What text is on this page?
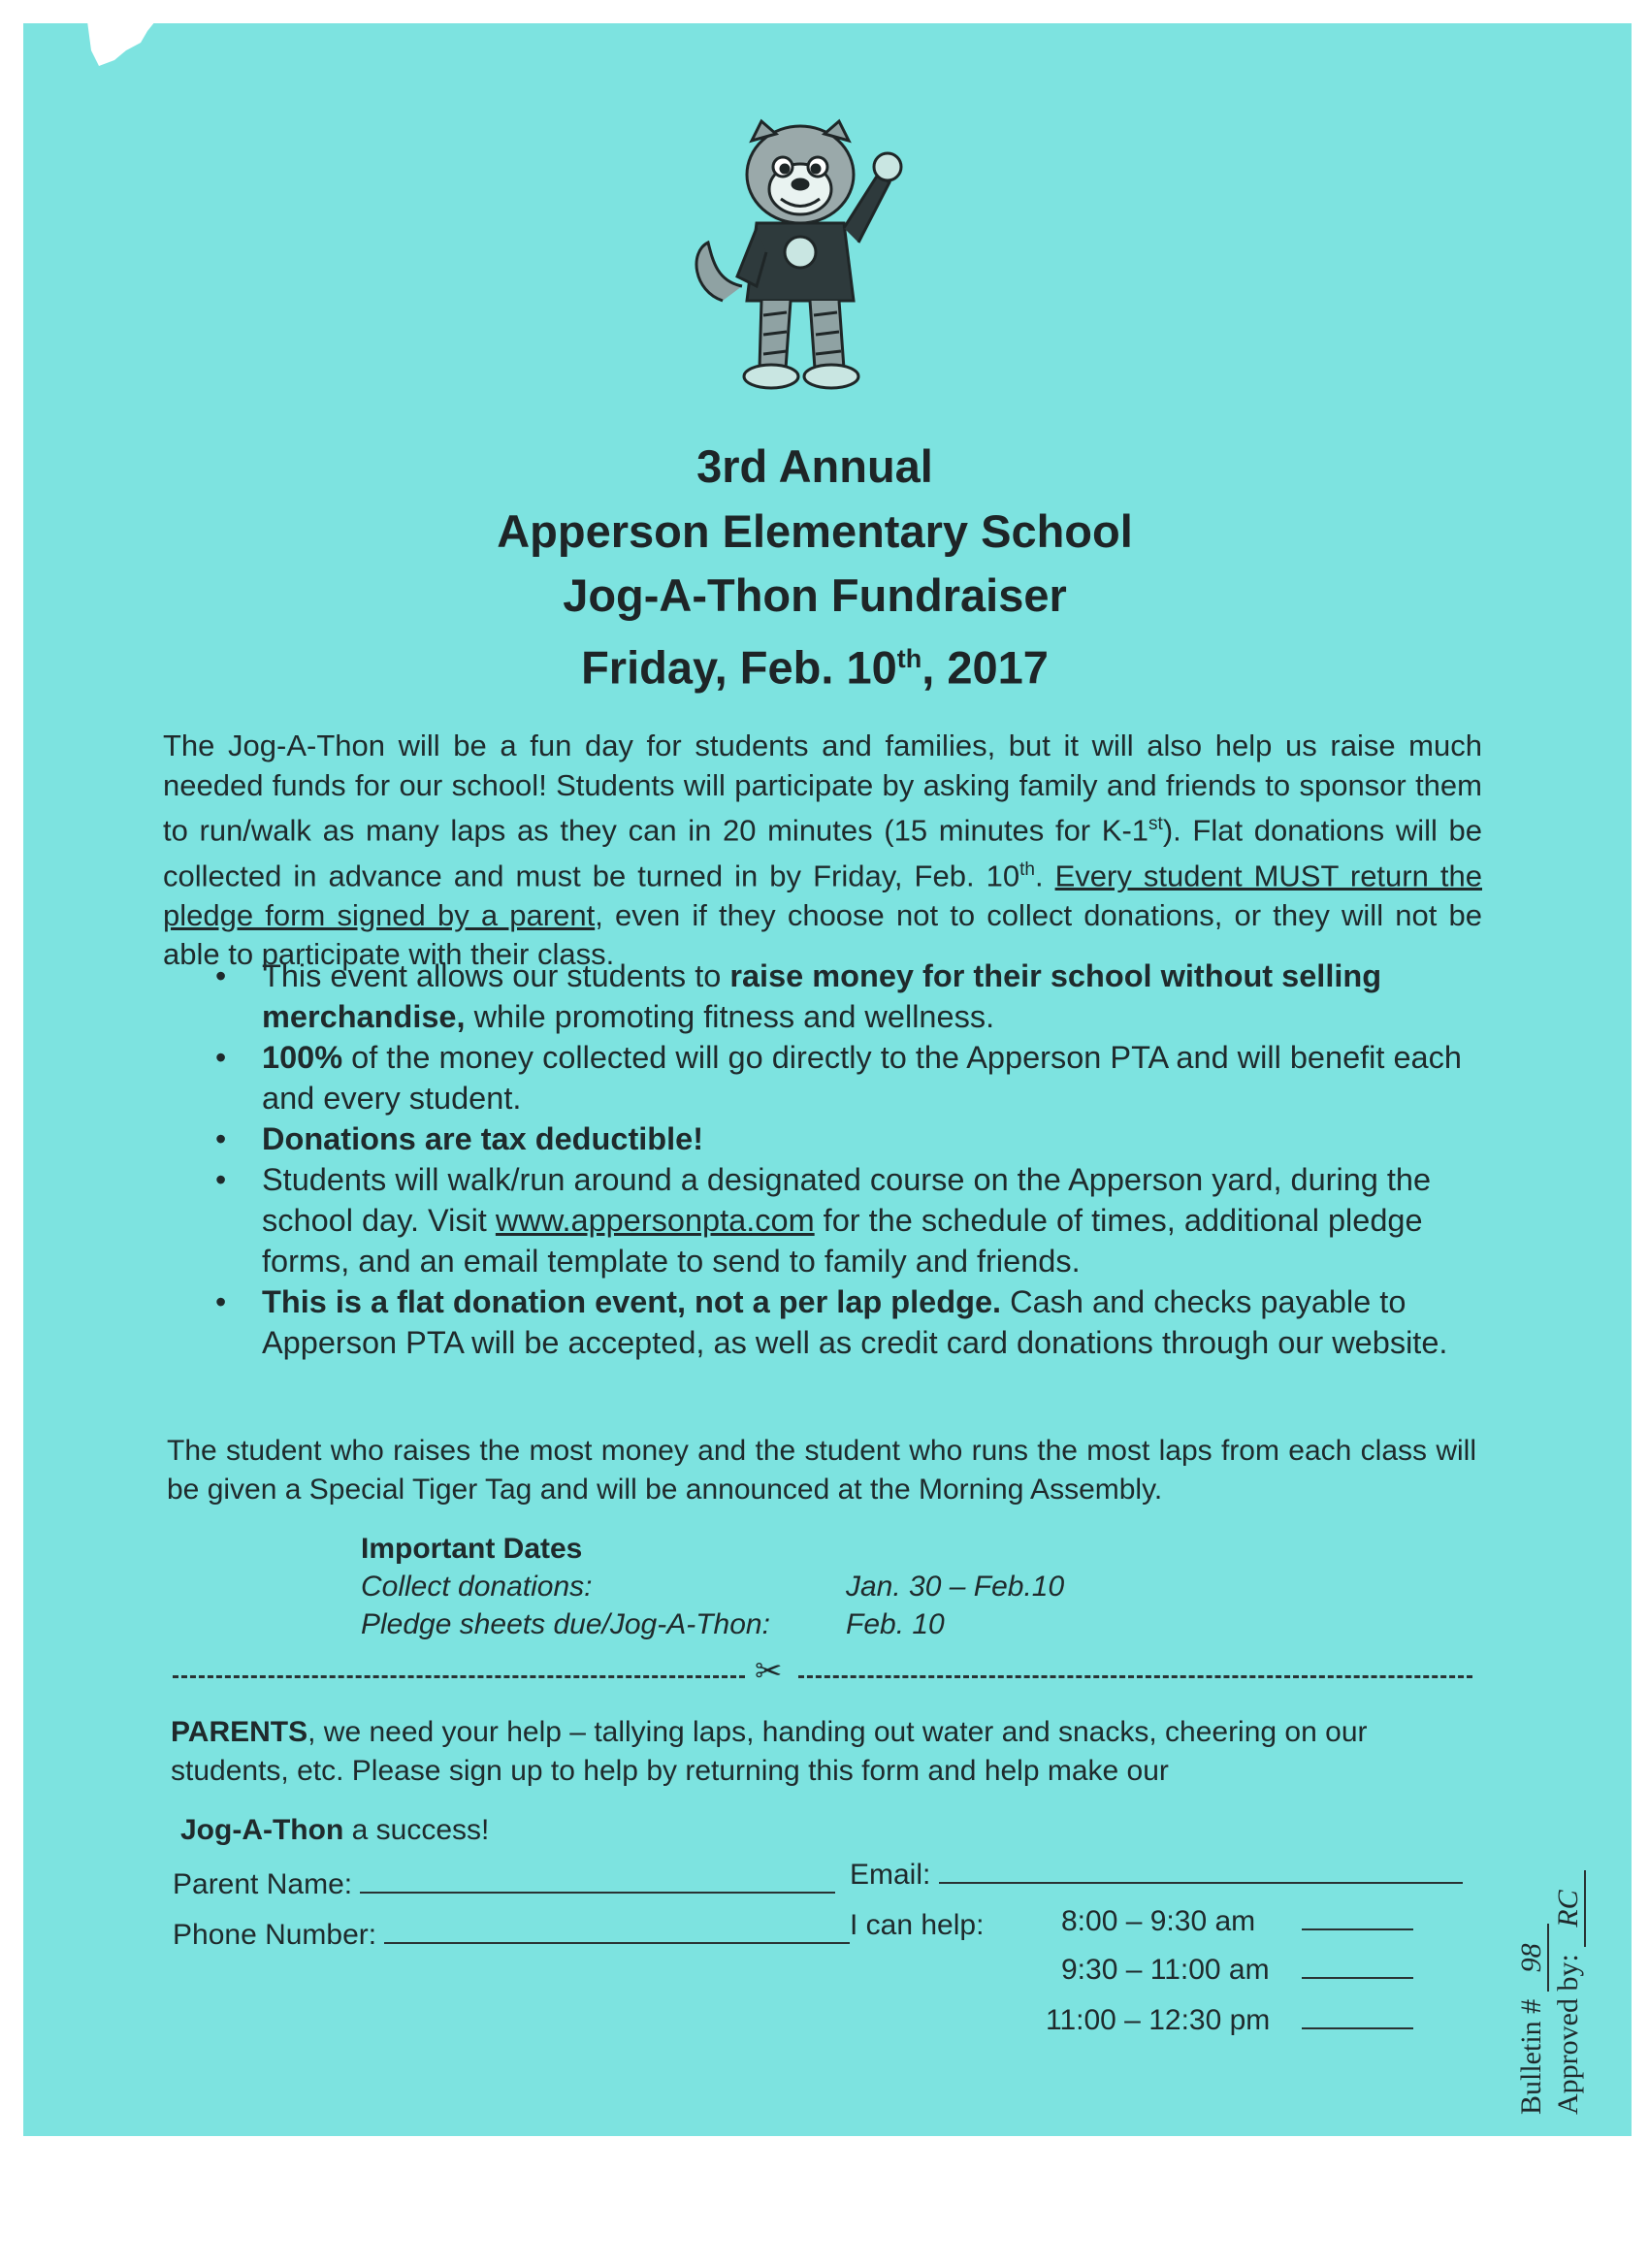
3rd Annual
Apperson Elementary School
Jog-A-Thon Fundraiser
Friday, Feb. 10th, 2017
The Jog-A-Thon will be a fun day for students and families, but it will also help us raise much needed funds for our school! Students will participate by asking family and friends to sponsor them to run/walk as many laps as they can in 20 minutes (15 minutes for K-1st). Flat donations will be collected in advance and must be turned in by Friday, Feb. 10th. Every student MUST return the pledge form signed by a parent, even if they choose not to collect donations, or they will not be able to participate with their class.
• This event allows our students to raise money for their school without selling merchandise, while promoting fitness and wellness.
• 100% of the money collected will go directly to the Apperson PTA and will benefit each and every student.
• Donations are tax deductible!
• Students will walk/run around a designated course on the Apperson yard, during the school day. Visit www.appersonpta.com for the schedule of times, additional pledge forms, and an email template to send to family and friends.
• This is a flat donation event, not a per lap pledge. Cash and checks payable to Apperson PTA will be accepted, as well as credit card donations through our website.
The student who raises the most money and the student who runs the most laps from each class will be given a Special Tiger Tag and will be announced at the Morning Assembly.
Important Dates
Collect donations:	Jan. 30 – Feb.10
Pledge sheets due/Jog-A-Thon:	Feb. 10
✂
PARENTS, we need your help – tallying laps, handing out water and snacks, cheering on our students, etc. Please sign up to help by returning this form and help make our
Jog-A-Thon a success!
Parent Name:	Email:
Phone Number:	I can help:	8:00 – 9:30 am
9:30 – 11:00 am
11:00 – 12:30 pm	Bulletin # 98 Approved by: RC
